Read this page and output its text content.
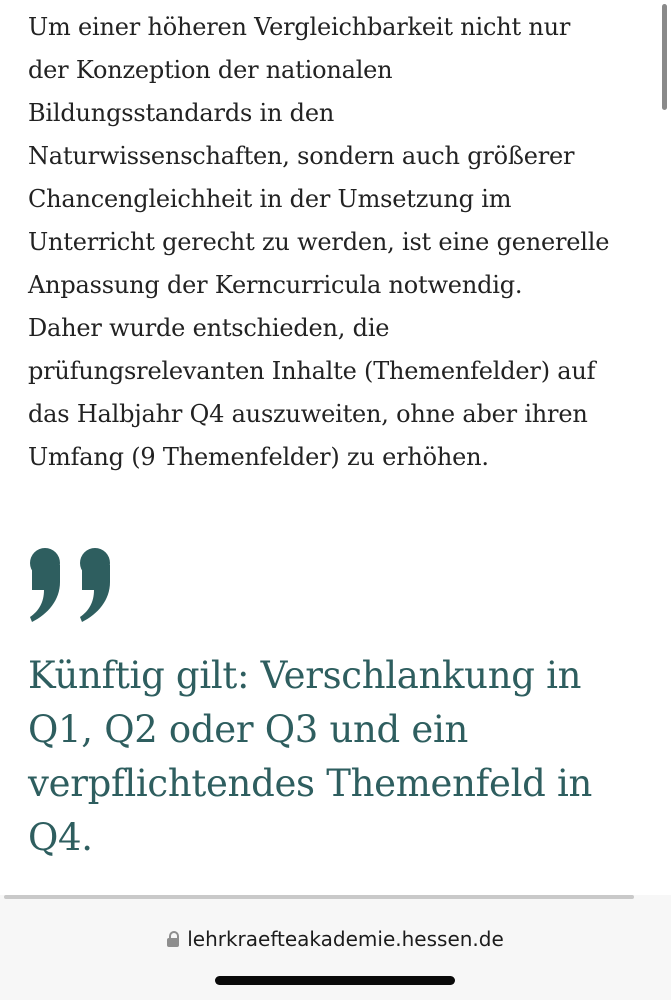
Um einer höheren Vergleichbarkeit nicht nur
der Konzeption der nationalen
Bildungsstandards in den
Naturwissenschaften, sondern auch größerer
Chancengleichheit in der Umsetzung im
Unterricht gerecht zu werden, ist eine generelle
Anpassung der Kerncurricula notwendig.
Daher wurde entschieden, die
prüfungsrelevanten Inhalte (Themenfelder) auf
das Halbjahr Q4 auszuweiten, ohne aber ihren
Umfang (9 Themenfelder) zu erhöhen.

Künftig gilt: Verschlankung in
Q1, Q2 oder Q3 und ein
verpflichtendes Themenfeld in
Q4.
lehrkraefteakademie.hessen.de
